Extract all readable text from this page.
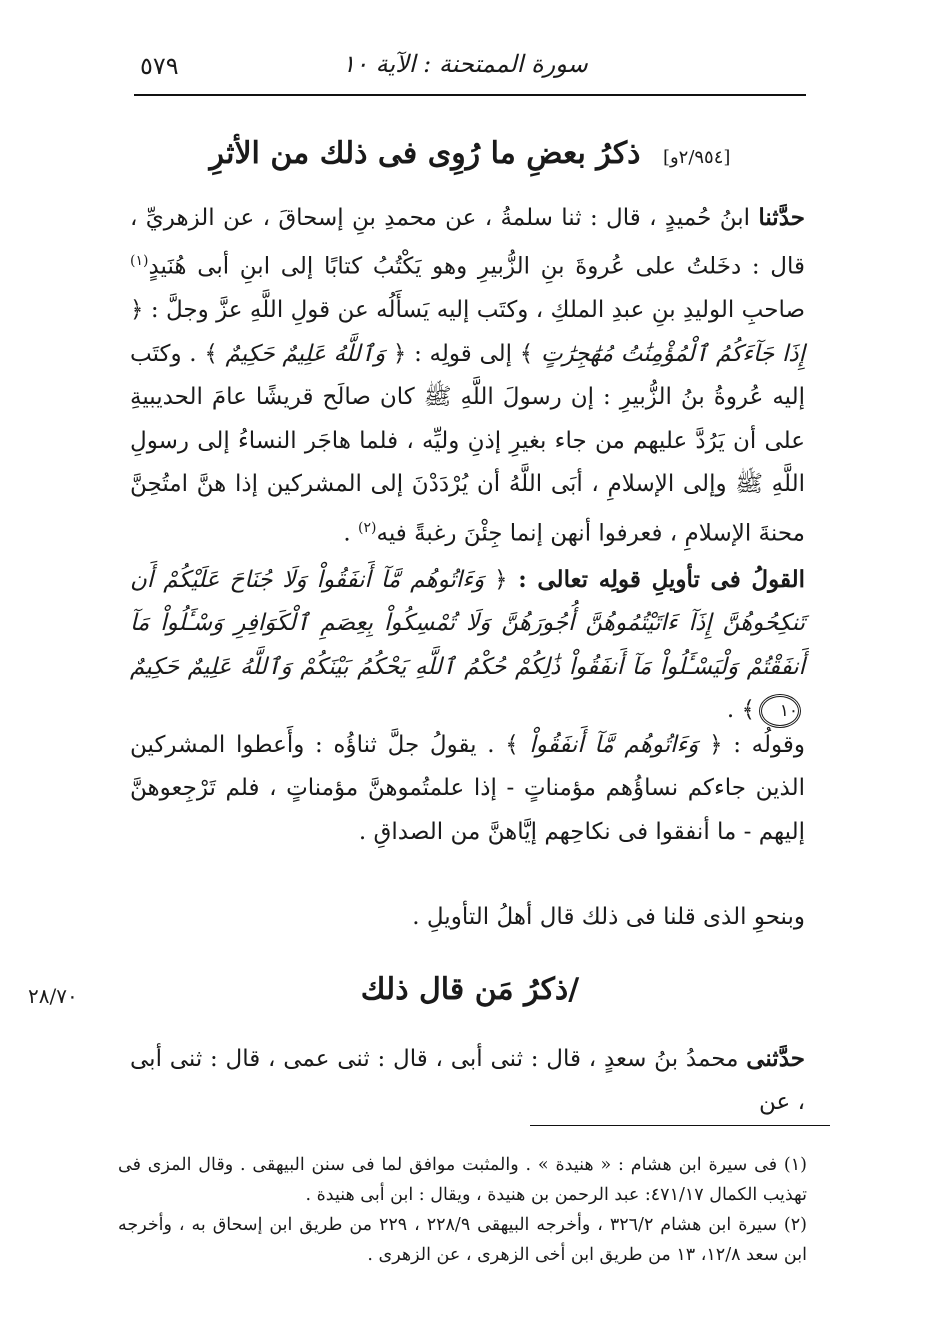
٥٧٩	سورة الممتحنة : الآية ١٠
[٢/٩٥٤و] ذكرُ بعضِ ما رُوِى فى ذلك من الأثرِ
حدَّثنا ابنُ حُميدٍ ، قال : ثنا سلمةُ ، عن محمدِ بنِ إسحاقَ ، عن الزهريِّ ، قال : دخَلتُ على عُروةَ بنِ الزُّبيرِ وهو يَكْتُبُ كتابًا إلى ابنِ أبى هُنَيدٍ$^{(١)}$ صاحبِ الوليدِ بنِ عبدِ الملكِ ، وكتَب إليه يَسأَلُه عن قولِ اللَّهِ عزَّ وجلَّ : ﴿ إِذَا جَآءَكُمُ ٱلْمُؤْمِنَٰتُ مُهَٰجِرَٰتٍ ﴾ إلى قولِه : ﴿ وَٱللَّهُ عَلِيمٌ حَكِيمٌ ﴾ . وكتَب إليه عُروةُ بنُ الزُّبيرِ : إن رسولَ اللَّهِ ﷺ كان صالَح قريشًا عامَ الحديبيةِ على أن يَرُدَّ عليهم من جاء بغيرِ إذنِ وليِّه ، فلما هاجَر النساءُ إلى رسولِ اللَّهِ ﷺ وإلى الإسلامِ ، أبَى اللَّهُ أن يُرْدَدْنَ إلى المشركين إذا هنَّ امتُحِنَّ محنةَ الإسلامِ ، فعرفوا أنهن إنما جِئْنَ رغبةً فيه$^{(٢)}$ .
القولُ فى تأويلِ قولِه تعالى : ﴿ وَءَاتُوهُم مَّآ أَنفَقُواْ وَلَا جُنَاحَ عَلَيْكُمْ أَن تَنكِحُوهُنَّ إِذَآ ءَاتَيْتُمُوهُنَّ أُجُورَهُنَّ وَلَا تُمْسِكُواْ بِعِصَمِ ٱلْكَوَافِرِ وَسْـَٔلُواْ مَآ أَنفَقْتُمْ وَلْيَسْـَٔلُواْ مَآ أَنفَقُواْ ذَٰلِكُمْ حُكْمُ ٱللَّهِ يَحْكُمُ بَيْنَكُمْ وَٱللَّهُ عَلِيمٌ حَكِيمٌ ١٠﴾ .
وقولُه : ﴿ وَءَاتُوهُم مَّآ أَنفَقُواْ ﴾ . يقولُ جلَّ ثناؤُه : وأَعطوا المشركين الذين جاءكم نساؤُهم مؤمناتٍ - إذا علمتُموهنَّ مؤمناتٍ ، فلم تَرْجِعوهنَّ إليهم - ما أنفقوا فى نكاحِهم إيَّاهنَّ من الصداقِ .
وبنحوِ الذى قلنا فى ذلك قال أهلُ التأويلِ .
/ذكرُ مَن قال ذلك
٢٨/٧٠
حدَّثنى محمدُ بنُ سعدٍ ، قال : ثنى أبى ، قال : ثنى عمى ، قال : ثنى أبى ، عن

(١) فى سيرة ابن هشام : « هنيدة » . والمثبت موافق لما فى سنن البيهقى . وقال المزى فى تهذيب الكمال ٤٧١/١٧: عبد الرحمن بن هنيدة ، ويقال : ابن أبى هنيدة .

(٢) سيرة ابن هشام ٣٢٦/٢ ، وأخرجه البيهقى ٢٢٨/٩ ، ٢٢٩ من طريق ابن إسحاق به ، وأخرجه ابن سعد ١٢/٨، ١٣ من طريق ابن أخى الزهرى ، عن الزهرى .
